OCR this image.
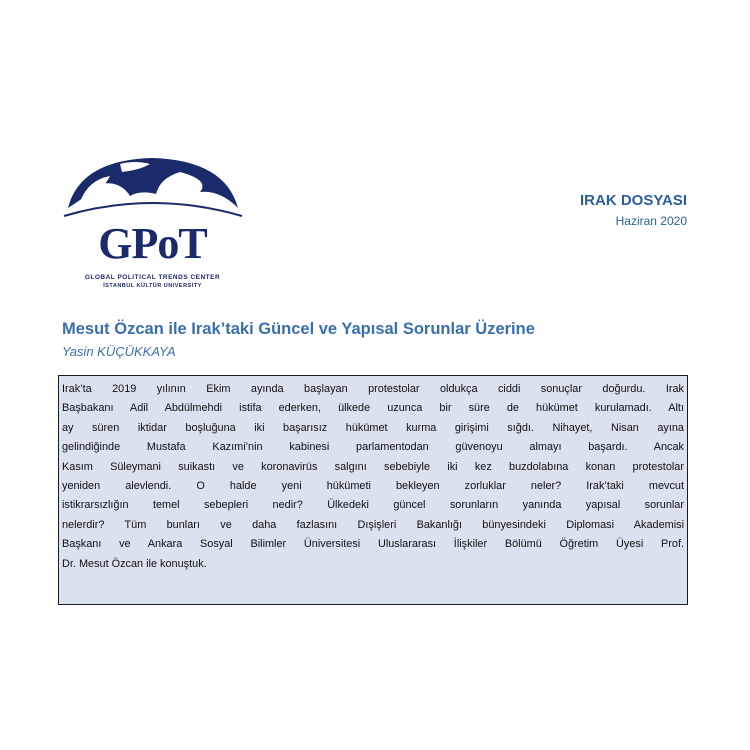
GPoT
GLOBAL POLITICAL TRENDS CENTER
İSTANBUL KÜLTÜR UNIVERSITY
IRAK DOSYASI
Haziran 2020
Mesut Özcan ile Irak’taki Güncel ve Yapısal Sorunlar Üzerine
Yasin KÜÇÜKKAYA
Irak’ta 2019 yılının Ekim ayında başlayan protestolar oldukça ciddi sonuçlar doğurdu. Irak
Başbakanı Adil Abdülmehdi istifa ederken, ülkede uzunca bir süre de hükümet kurulamadı. Altı
ay süren iktidar boşluğuna iki başarısız hükümet kurma girişimi sığdı. Nihayet, Nisan ayına
gelindiğinde Mustafa Kazımi’nin kabinesi parlamentodan güvenoyu almayı başardı. Ancak
Kasım Süleymani suikastı ve koronavirüs salgını sebebiyle iki kez buzdolabına konan protestolar
yeniden alevlendi. O halde yeni hükümeti bekleyen zorluklar neler? Irak’taki mevcut
istikrarsızlığın temel sebepleri nedir? Ülkedeki güncel sorunların yanında yapısal sorunlar
nelerdir? Tüm bunları ve daha fazlasını Dışişleri Bakanlığı bünyesindeki Diplomasi Akademisi
Başkanı ve Ankara Sosyal Bilimler Üniversitesi Uluslararası İlişkiler Bölümü Öğretim Üyesi Prof.
Dr. Mesut Özcan ile konuştuk.
